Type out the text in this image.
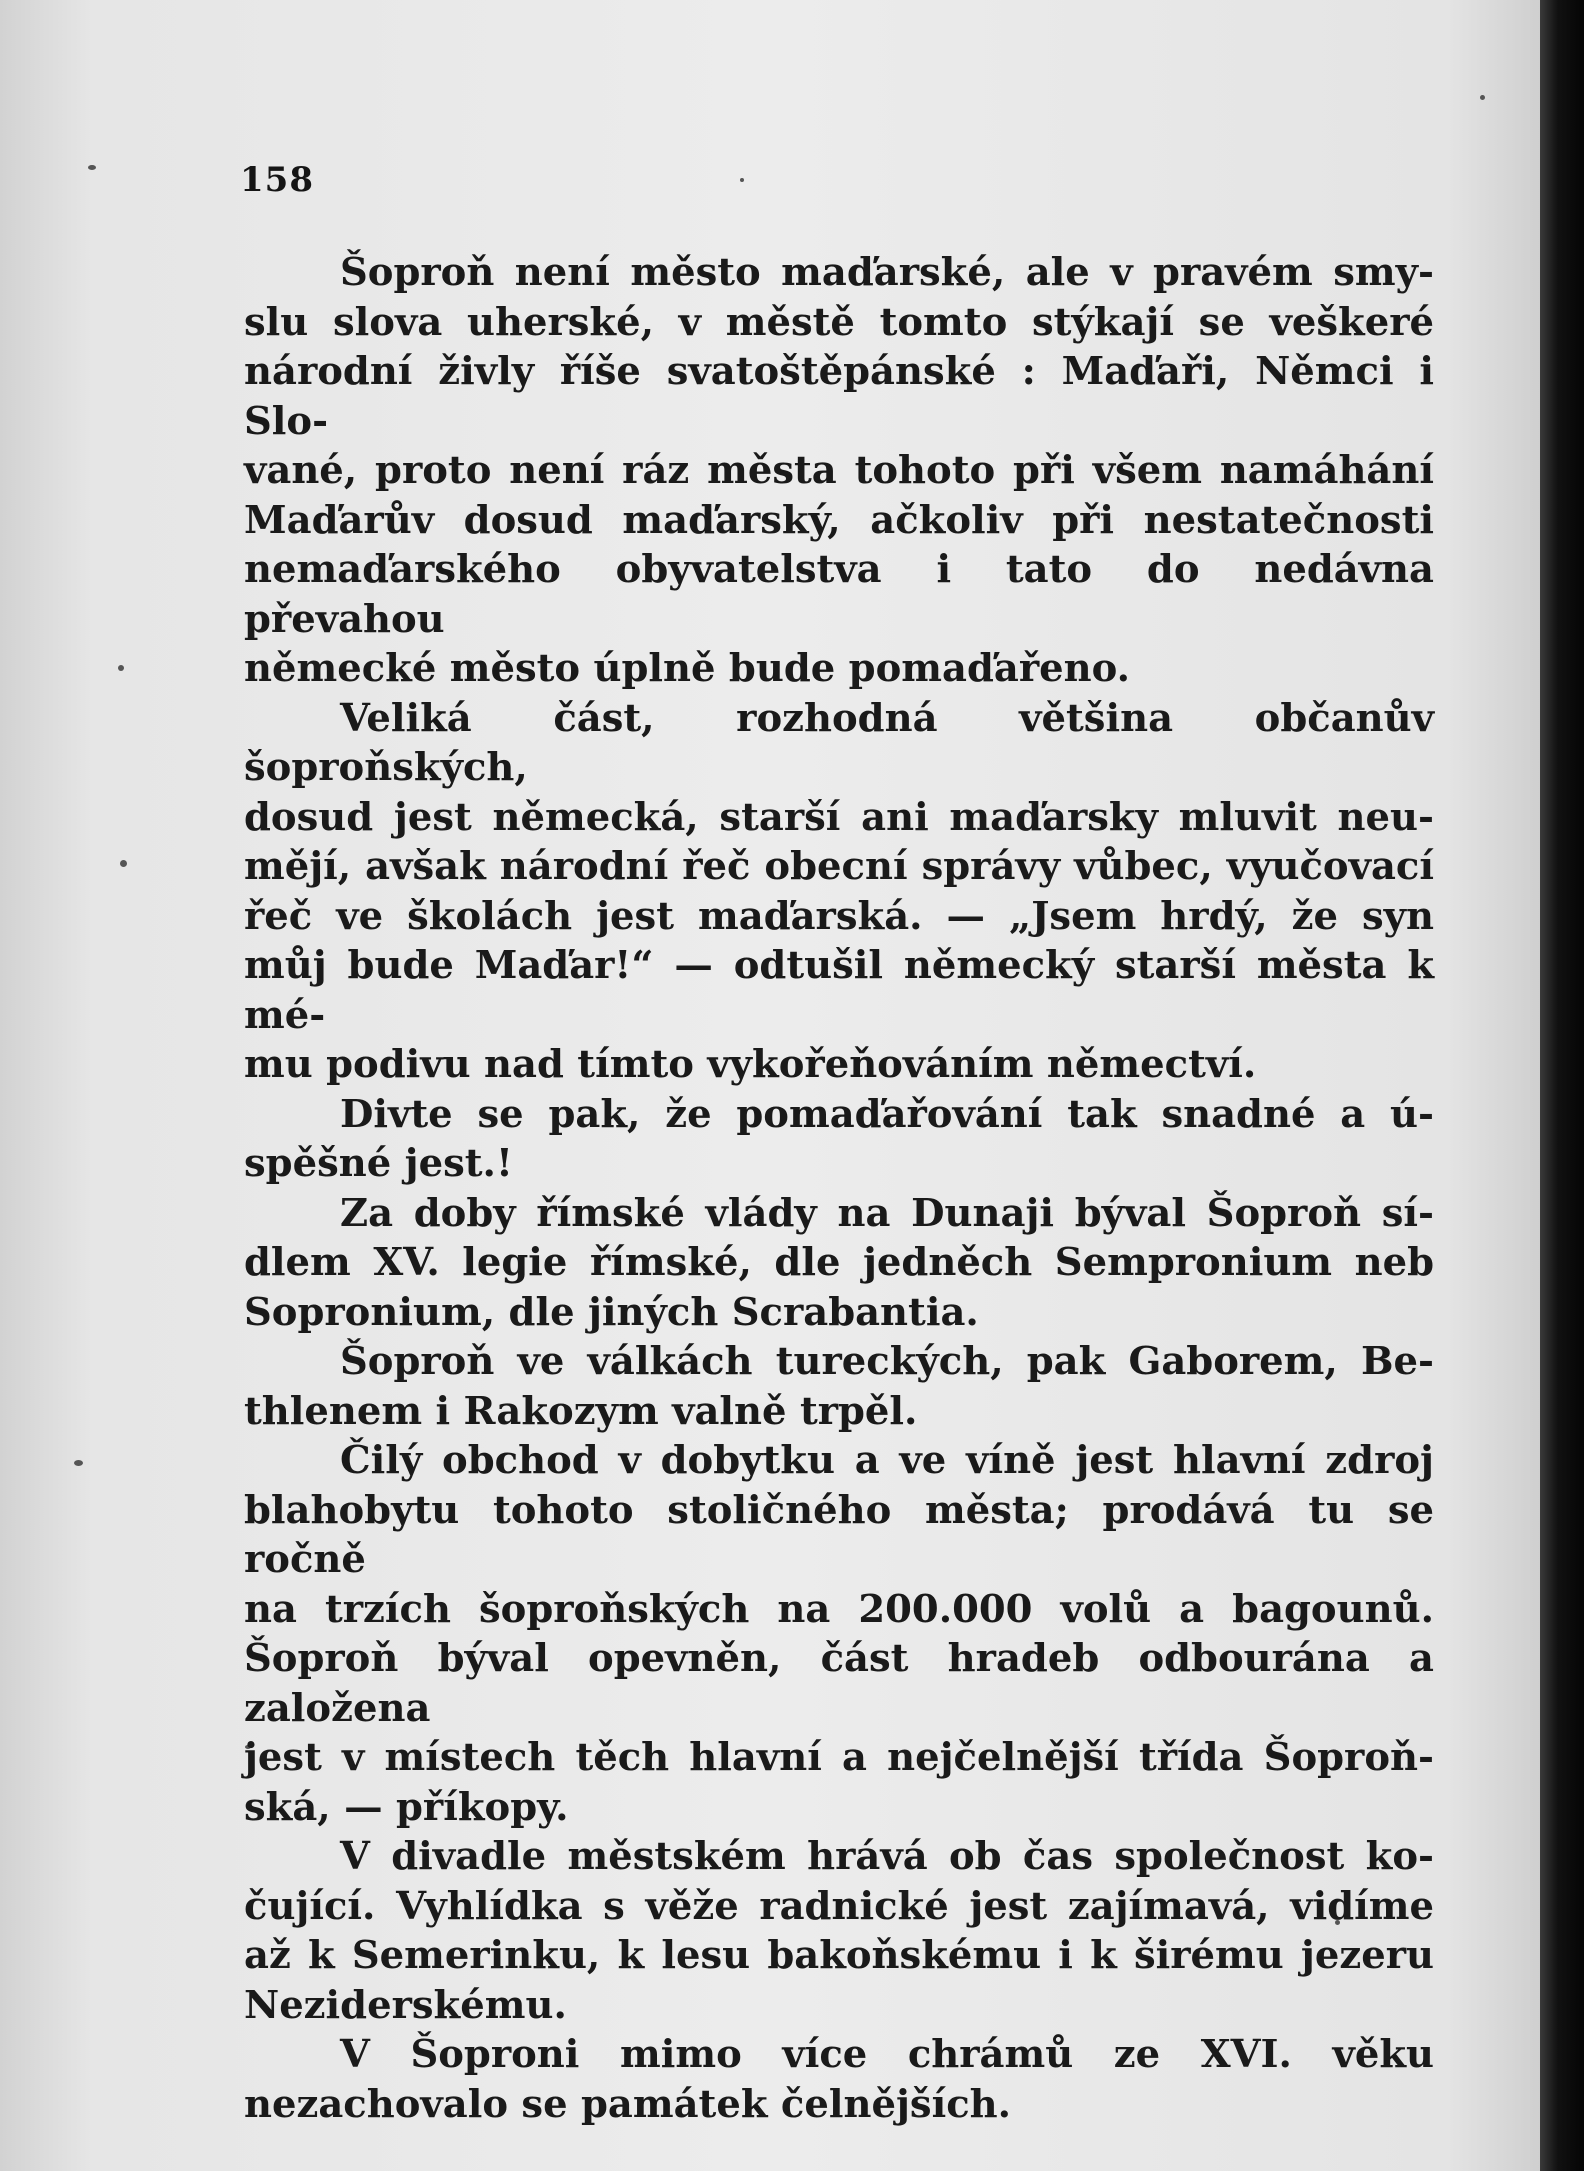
158
Šoproň není město maďarské, ale v pravém smy-
slu slova uherské, v městě tomto stýkají se veškeré
národní živly říše svatoštěpánské : Maďaři, Němci i Slo-
vané, proto není ráz města tohoto při všem namáhání
Maďarův dosud maďarský, ačkoliv při nestatečnosti
nemaďarského obyvatelstva i tato do nedávna převahou
německé město úplně bude pomaďařeno.
Veliká část, rozhodná většina občanův šoproňských,
dosud jest německá, starší ani maďarsky mluvit neu-
mějí, avšak národní řeč obecní správy vůbec, vyučovací
řeč ve školách jest maďarská. — „Jsem hrdý, že syn
můj bude Maďar!“ — odtušil německý starší města k mé-
mu podivu nad tímto vykořeňováním němectví.
Divte se pak, že pomaďařování tak snadné a ú-
spěšné jest.!
Za doby římské vlády na Dunaji býval Šoproň sí-
dlem XV. legie římské, dle jedněch Sempronium neb
Sopronium, dle jiných Scrabantia.
Šoproň ve válkách tureckých, pak Gaborem, Be-
thlenem i Rakozym valně trpěl.
Čilý obchod v dobytku a ve víně jest hlavní zdroj
blahobytu tohoto stoličného města; prodává tu se ročně
na trzích šoproňských na 200.000 volů a bagounů.
Šoproň býval opevněn, část hradeb odbourána a založena
jest v místech těch hlavní a nejčelnější třída Šoproň-
ská, — příkopy.
V divadle městském hrává ob čas společnost ko-
čující. Vyhlídka s věže radnické jest zajímavá, vidíme
až k Semerinku, k lesu bakoňskému i k širému jezeru
Neziderskému.
V Šoproni mimo více chrámů ze XVI. věku
nezachovalo se památek čelnějších.
